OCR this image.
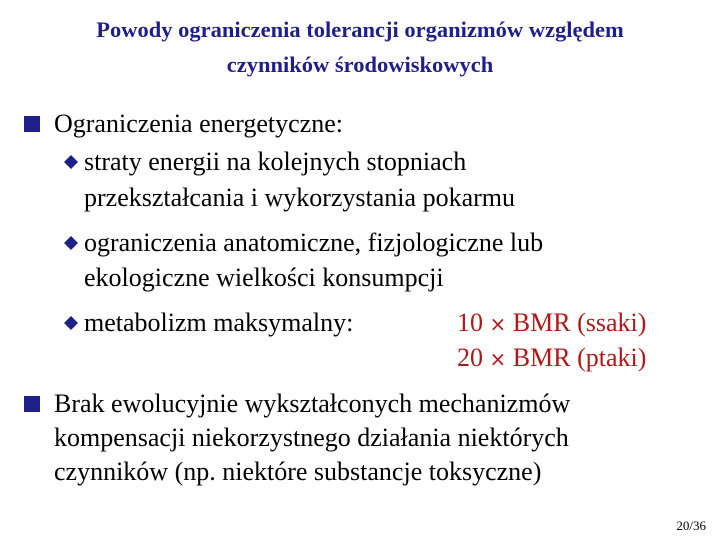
Powody ograniczenia tolerancji organizmów względem
czynników środowiskowych
Ograniczenia energetyczne:
straty energii na kolejnych stopniach
przekształcania i wykorzystania pokarmu
ograniczenia anatomiczne, fizjologiczne lub
ekologiczne wielkości konsumpcji
metabolizm maksymalny:	10 × BMR (ssaki)
20 × BMR (ptaki)
Brak ewolucyjnie wykształconych mechanizmów
kompensacji niekorzystnego działania niektórych
czynników (np. niektóre substancje toksyczne)
20/36
